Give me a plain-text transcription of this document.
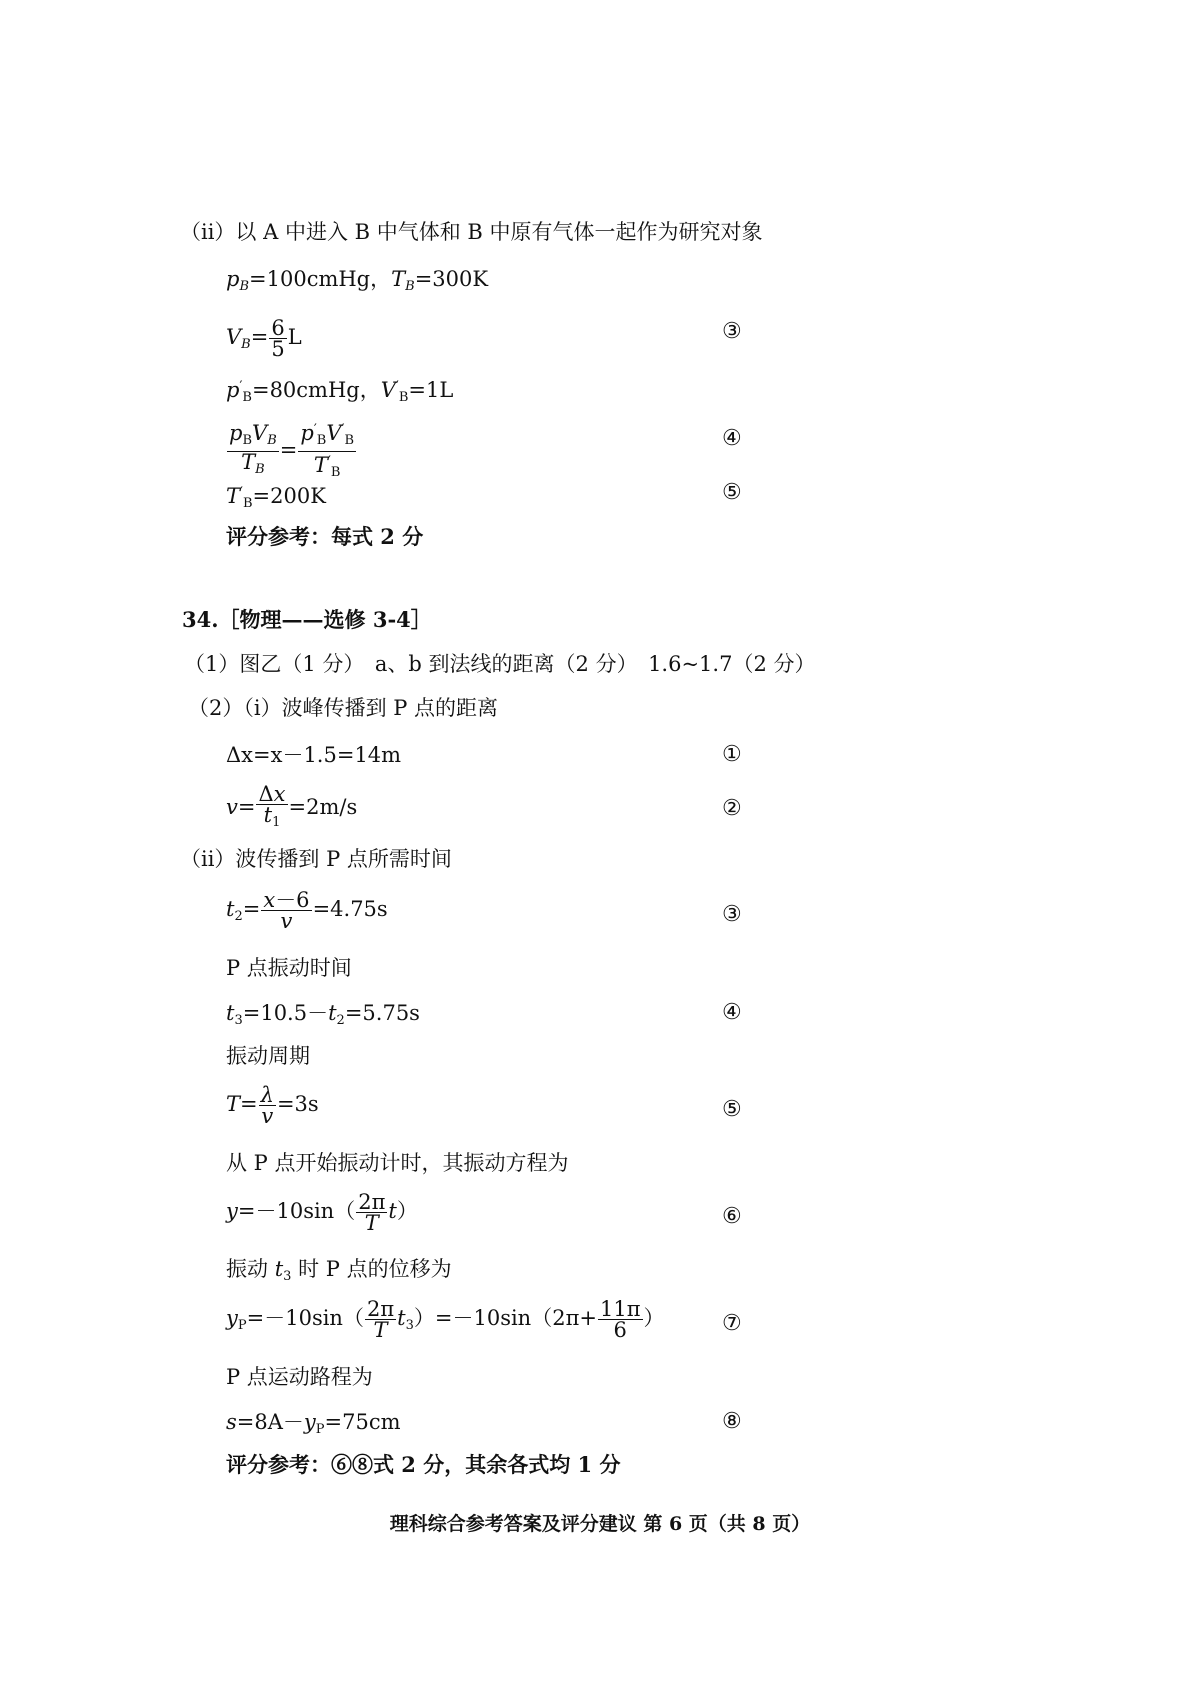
（ii）以 A 中进入 B 中气体和 B 中原有气体一起作为研究对象
$p_B=100cmHg$，$T_B=300K$
$V_B= \frac{6}{5}$ L	③
$p'_B=80cmHg$，$V'_B=1L$
$\frac{p_BV_B}{T_B} = \frac{p'_BV'_B}{T'_B}$	④
$T'_B=200K$	⑤
评分参考：每式 2 分
34.［物理——选修 3-4］
（1）图乙（1 分）　a、b 到法线的距离（2 分）　1.6~1.7（2 分）
（2）（i）波峰传播到 P 点的距离
Δx=x－1.5=14m	①
$v= \frac{\Delta x}{t_1} =2m/s$	②
（ii）波传播到 P 点所需时间
$t_2= \frac{x-6}{v} =4.75s$	③
P 点振动时间
$t_3=10.5-t_2=5.75s$	④
振动周期
$T= \frac{\lambda}{v} =3s$	⑤
从 P 点开始振动计时，其振动方程为
$y=-10\sin( \frac{2\pi}{T} t)$	⑥
振动 $t_3$ 时 P 点的位移为
$y_P=-10\sin( \frac{2\pi}{T} t_3)=-10\sin(2\pi+ \frac{11\pi}{6}$ ）	⑦
P 点运动路程为
$s=8A-y_P=75cm$	⑧
评分参考：⑥⑧式 2 分，其余各式均 1 分
理科综合参考答案及评分建议 第 6 页（共 8 页）
